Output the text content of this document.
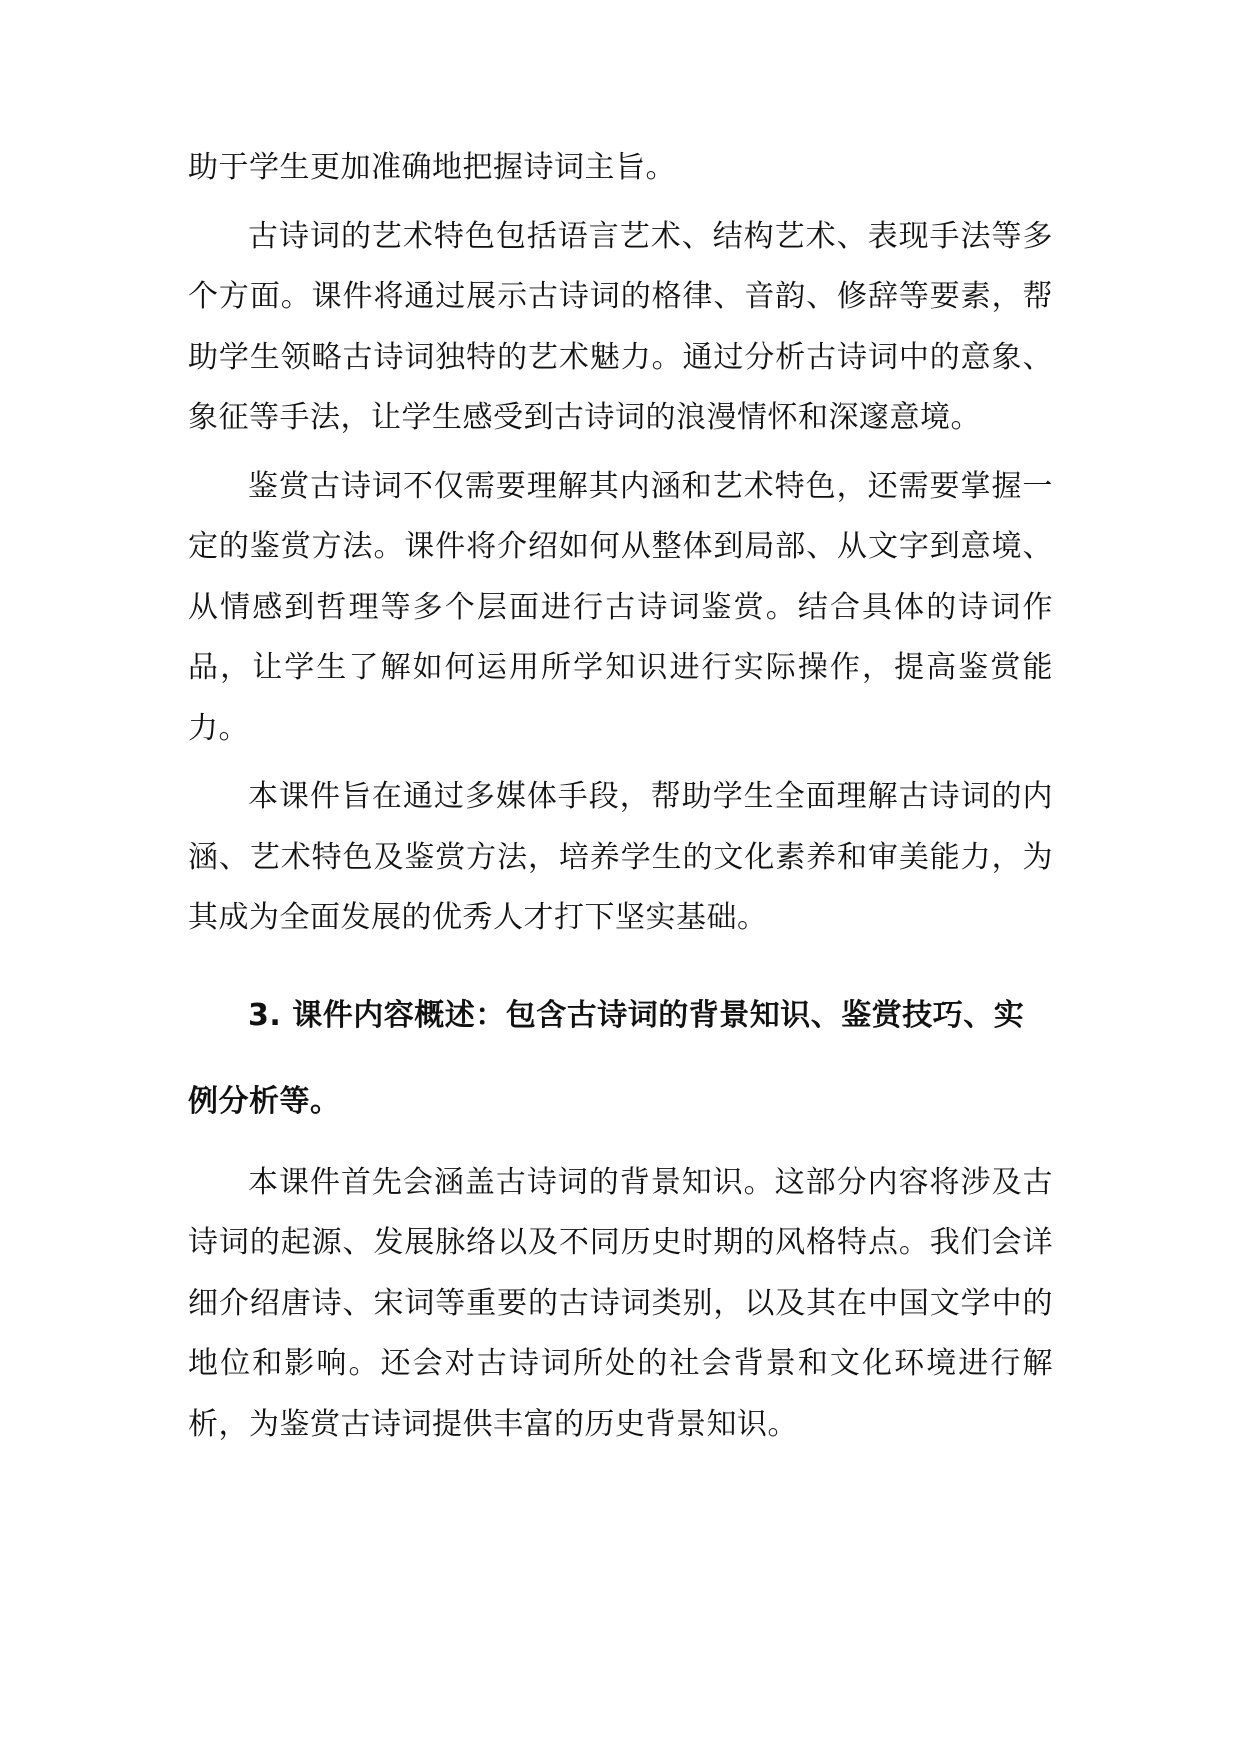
助于学生更加准确地把握诗词主旨。

古诗词的艺术特色包括语言艺术、结构艺术、表现手法等多个方面。课件将通过展示古诗词的格律、音韵、修辞等要素，帮助学生领略古诗词独特的艺术魅力。通过分析古诗词中的意象、象征等手法，让学生感受到古诗词的浪漫情怀和深邃意境。

鉴赏古诗词不仅需要理解其内涵和艺术特色，还需要掌握一定的鉴赏方法。课件将介绍如何从整体到局部、从文字到意境、从情感到哲理等多个层面进行古诗词鉴赏。结合具体的诗词作品，让学生了解如何运用所学知识进行实际操作，提高鉴赏能力。

本课件旨在通过多媒体手段，帮助学生全面理解古诗词的内涵、艺术特色及鉴赏方法，培养学生的文化素养和审美能力，为其成为全面发展的优秀人才打下坚实基础。

3. 课件内容概述：包含古诗词的背景知识、鉴赏技巧、实例分析等。

本课件首先会涵盖古诗词的背景知识。这部分内容将涉及古诗词的起源、发展脉络以及不同历史时期的风格特点。我们会详细介绍唐诗、宋词等重要的古诗词类别，以及其在中国文学中的地位和影响。还会对古诗词所处的社会背景和文化环境进行解析，为鉴赏古诗词提供丰富的历史背景知识。
